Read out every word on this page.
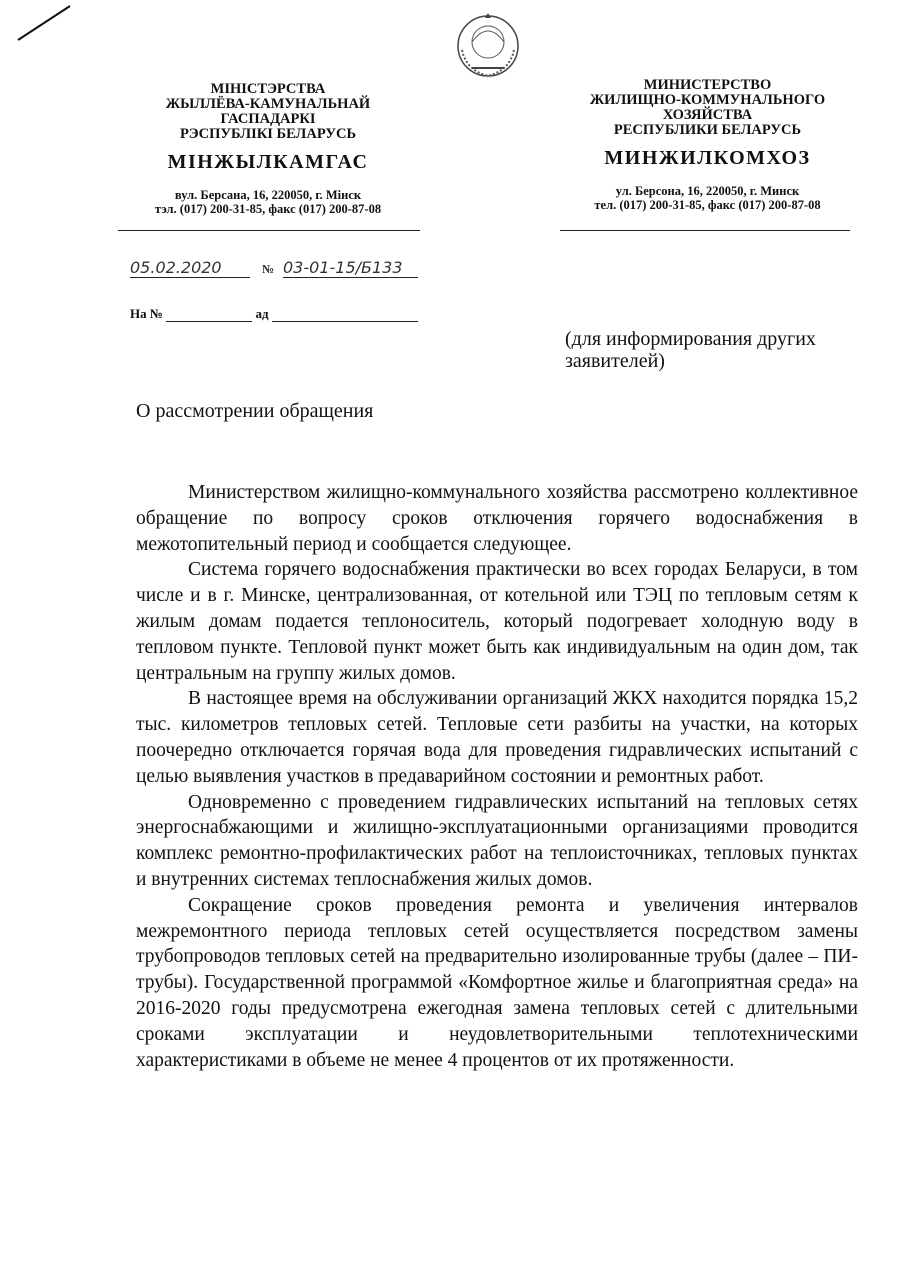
МІНІСТЭРСТВА
ЖЫЛЛЁВА-КАМУНАЛЬНАЙ
ГАСПАДАРКІ
РЭСПУБЛІКІ БЕЛАРУСЬ
МІНЖЫЛКАМГАС
вул. Берсана, 16, 220050, г. Мінск
тэл. (017) 200-31-85, факс (017) 200-87-08
МИНИСТЕРСТВО
ЖИЛИЩНО-КОММУНАЛЬНОГО
ХОЗЯЙСТВА
РЕСПУБЛИКИ БЕЛАРУСЬ
МИНЖИЛКОМХОЗ
ул. Берсона, 16, 220050, г. Минск
тел. (017) 200-31-85, факс (017) 200-87-08
05.02.2020	№ 03-01-15/Б133
На №	ад
(для информирования других заявителей)
О рассмотрении обращения

Министерством жилищно-коммунального хозяйства рассмотрено коллективное обращение по вопросу сроков отключения горячего водоснабжения в межотопительный период и сообщается следующее.

Система горячего водоснабжения практически во всех городах Беларуси, в том числе и в г. Минске, централизованная, от котельной или ТЭЦ по тепловым сетям к жилым домам подается теплоноситель, который подогревает холодную воду в тепловом пункте. Тепловой пункт может быть как индивидуальным на один дом, так центральным на группу жилых домов.

В настоящее время на обслуживании организаций ЖКХ находится порядка 15,2 тыс. километров тепловых сетей. Тепловые сети разбиты на участки, на которых поочередно отключается горячая вода для проведения гидравлических испытаний с целью выявления участков в предаварийном состоянии и ремонтных работ.

Одновременно с проведением гидравлических испытаний на тепловых сетях энергоснабжающими и жилищно-эксплуатационными организациями проводится комплекс ремонтно-профилактических работ на теплоисточниках, тепловых пунктах и внутренних системах теплоснабжения жилых домов.

Сокращение сроков проведения ремонта и увеличения интервалов межремонтного периода тепловых сетей осуществляется посредством замены трубопроводов тепловых сетей на предварительно изолированные трубы (далее – ПИ-трубы). Государственной программой «Комфортное жилье и благоприятная среда» на 2016-2020 годы предусмотрена ежегодная замена тепловых сетей с длительными сроками эксплуатации и неудовлетворительными теплотехническими характеристиками в объеме не менее 4 процентов от их протяженности.
